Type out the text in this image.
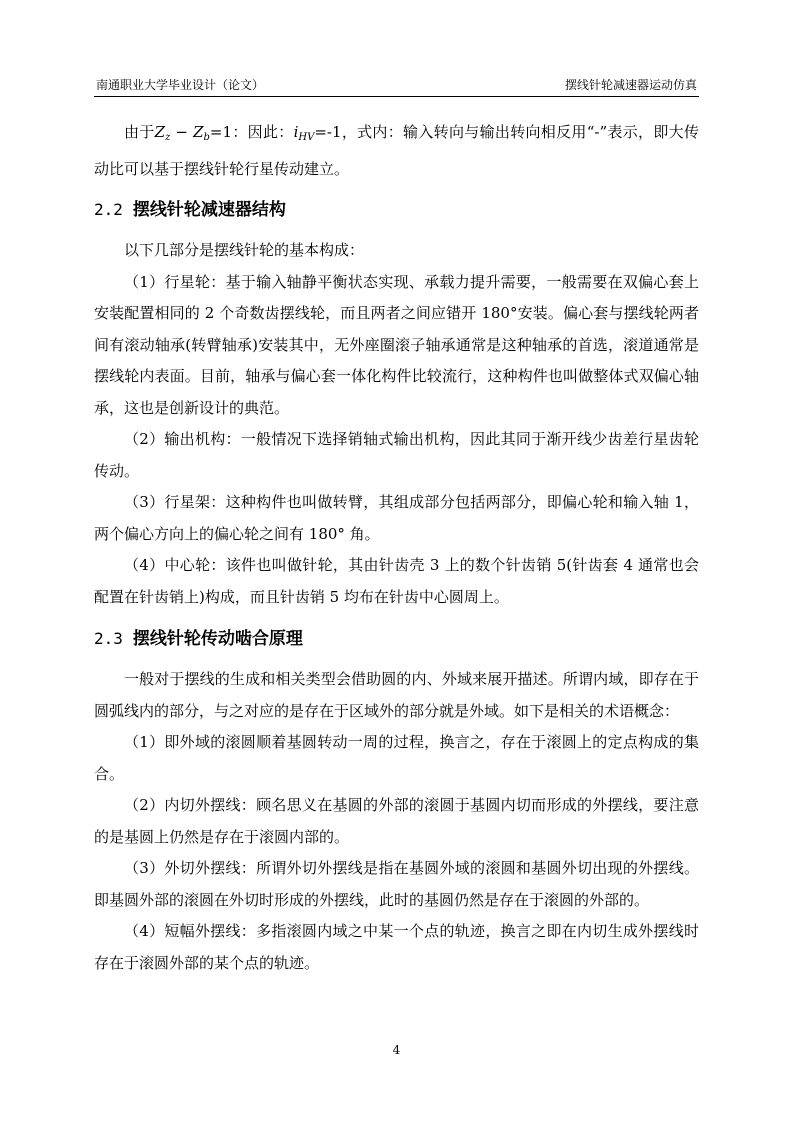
南通职业大学毕业设计（论文）	摆线针轮减速器运动仿真

由于$Z_z - Z_b=1$：因此：$i_{HV}=-1$，式内：输入转向与输出转向相反用“-”表示，即大传动比可以基于摆线针轮行星传动建立。

2.2 摆线针轮减速器结构

以下几部分是摆线针轮的基本构成：

（1）行星轮：基于输入轴静平衡状态实现、承载力提升需要，一般需要在双偏心套上安装配置相同的 2 个奇数齿摆线轮，而且两者之间应错开 180°安装。偏心套与摆线轮两者间有滚动轴承(转臂轴承)安装其中，无外座圈滚子轴承通常是这种轴承的首选，滚道通常是摆线轮内表面。目前，轴承与偏心套一体化构件比较流行，这种构件也叫做整体式双偏心轴承，这也是创新设计的典范。

（2）输出机构：一般情况下选择销轴式输出机构，因此其同于渐开线少齿差行星齿轮传动。

（3）行星架：这种构件也叫做转臂，其组成部分包括两部分，即偏心轮和输入轴 1，两个偏心方向上的偏心轮之间有 180° 角。

（4）中心轮：该件也叫做针轮，其由针齿壳 3 上的数个针齿销 5(针齿套 4 通常也会配置在针齿销上)构成，而且针齿销 5 均布在针齿中心圆周上。

2.3 摆线针轮传动啮合原理

一般对于摆线的生成和相关类型会借助圆的内、外域来展开描述。所谓内域，即存在于圆弧线内的部分，与之对应的是存在于区域外的部分就是外域。如下是相关的术语概念：

（1）即外域的滚圆顺着基圆转动一周的过程，换言之，存在于滚圆上的定点构成的集合。

（2）内切外摆线：顾名思义在基圆的外部的滚圆于基圆内切而形成的外摆线，要注意的是基圆上仍然是存在于滚圆内部的。

（3）外切外摆线：所谓外切外摆线是指在基圆外域的滚圆和基圆外切出现的外摆线。即基圆外部的滚圆在外切时形成的外摆线，此时的基圆仍然是存在于滚圆的外部的。

（4）短幅外摆线：多指滚圆内域之中某一个点的轨迹，换言之即在内切生成外摆线时存在于滚圆外部的某个点的轨迹。

4
